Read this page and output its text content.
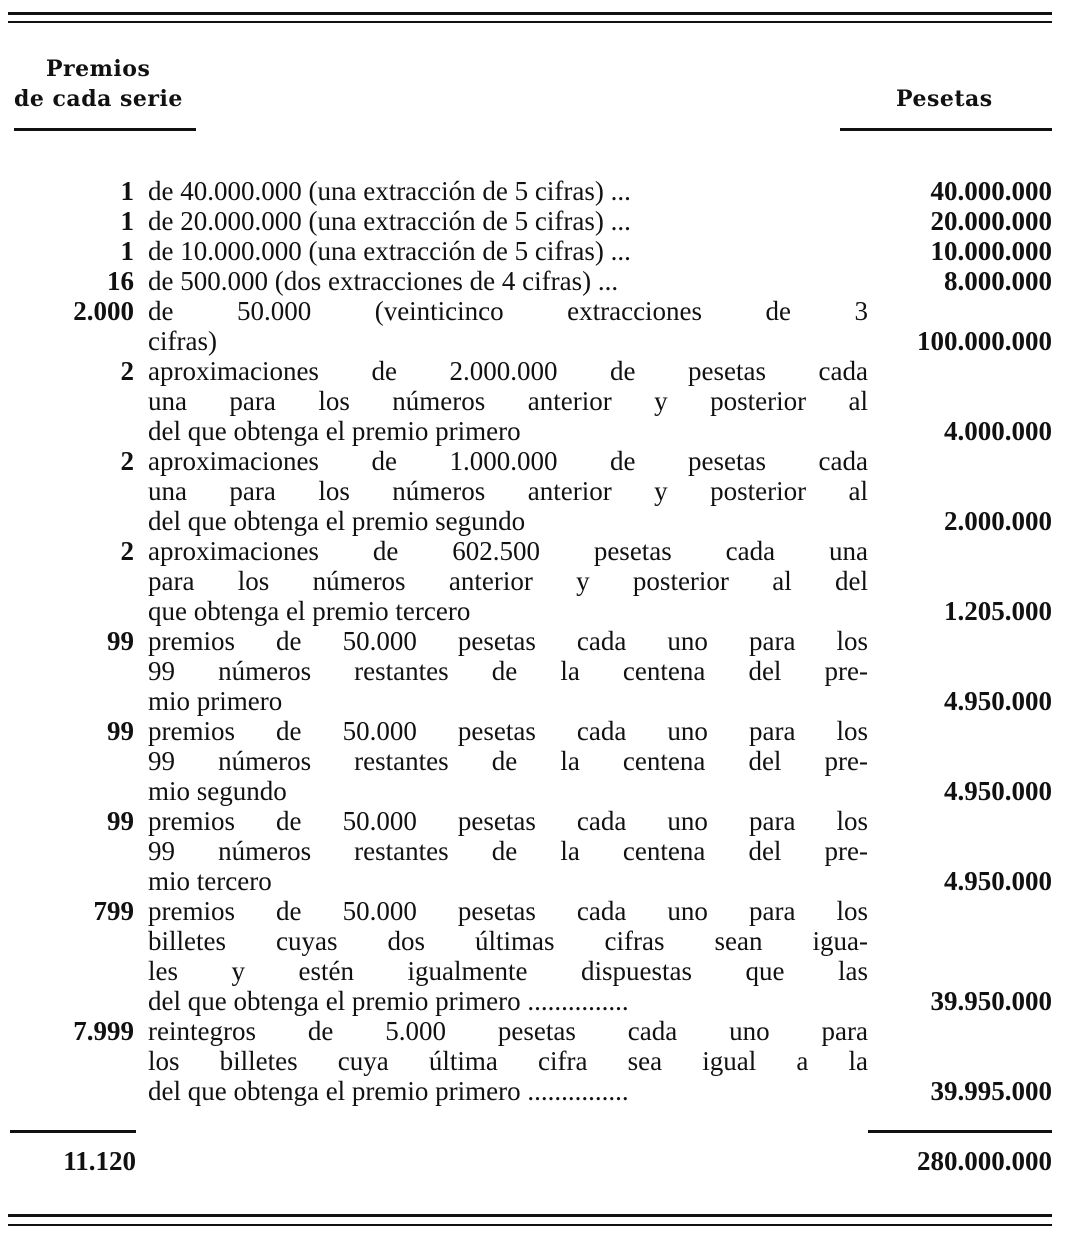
Premios
de cada serie	Pesetas
1 de 40.000.000 (una extracción de 5 cifras) ...	40.000.000
1 de 20.000.000 (una extracción de 5 cifras) ...	20.000.000
1 de 10.000.000 (una extracción de 5 cifras) ...	10.000.000
16 de 500.000 (dos extracciones de 4 cifras) ...	8.000.000
2.000 de 50.000 (veinticinco extracciones de 3
cifras)	100.000.000
2 aproximaciones de 2.000.000 de pesetas cada
una para los números anterior y posterior al
del que obtenga el premio primero	4.000.000
2 aproximaciones de 1.000.000 de pesetas cada
una para los números anterior y posterior al
del que obtenga el premio segundo	2.000.000
2 aproximaciones de 602.500 pesetas cada una
para los números anterior y posterior al del
que obtenga el premio tercero	1.205.000
99 premios de 50.000 pesetas cada uno para los
99 números restantes de la centena del pre-
mio primero	4.950.000
99 premios de 50.000 pesetas cada uno para los
99 números restantes de la centena del pre-
mio segundo	4.950.000
99 premios de 50.000 pesetas cada uno para los
99 números restantes de la centena del pre-
mio tercero	4.950.000
799 premios de 50.000 pesetas cada uno para los
billetes cuyas dos últimas cifras sean igua-
les y estén igualmente dispuestas que las
del que obtenga el premio primero ...............	39.950.000
7.999 reintegros de 5.000 pesetas cada uno para
los billetes cuya última cifra sea igual a la
del que obtenga el premio primero ...............	39.995.000
11.120	280.000.000
